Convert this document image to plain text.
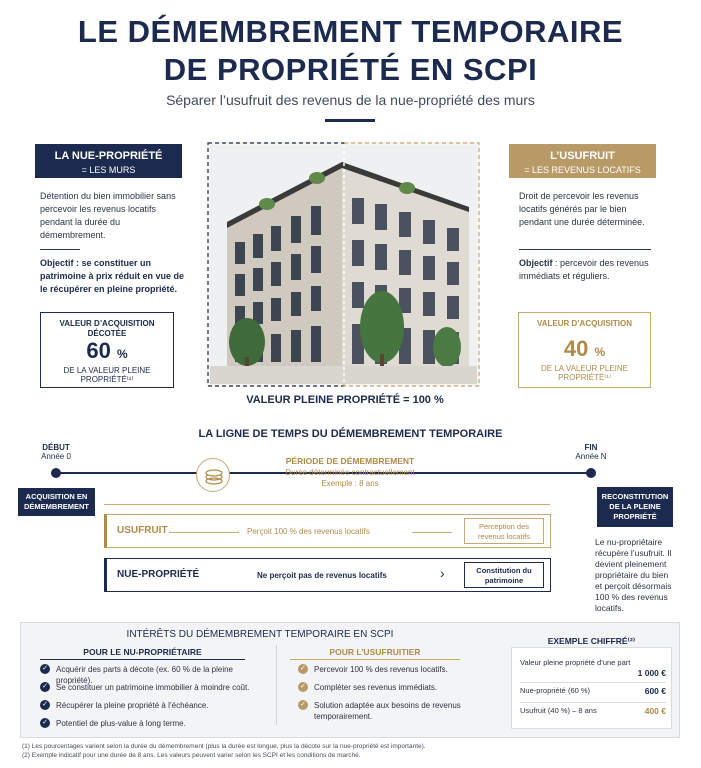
LE DÉMEMBREMENT TEMPORAIRE
DE PROPRIÉTÉ EN SCPI
Séparer l’usufruit des revenus de la nue-propriété des murs
LA NUE-PROPRIÉTÉ
= LES MURS
Détention du bien immobilier sans percevoir les revenus locatifs pendant la durée du démembrement.
Objectif : se constituer un patrimoine à prix réduit en vue de le récupérer en pleine propriété.
VALEUR D’ACQUISITION DÉCOTÉE
60 %
DE LA VALEUR PLEINE PROPRIÉTÉ⁽¹⁾
L’USUFRUIT
= LES REVENUS LOCATIFS
Droit de percevoir les revenus locatifs générés par le bien pendant une durée déterminée.
Objectif : percevoir des revenus immédiats et réguliers.
VALEUR D’ACQUISITION
40 %
DE LA VALEUR PLEINE PROPRIÉTÉ⁽¹⁾
VALEUR PLEINE PROPRIÉTÉ = 100 %
LA LIGNE DE TEMPS DU DÉMEMBREMENT TEMPORAIRE
DÉBUT
Année 0
FIN
Année N
PÉRIODE DE DÉMEMBREMENT
Durée déterminée contractuellement
Exemple : 8 ans
ACQUISITION EN DÉMEMBREMENT
RECONSTITUTION DE LA PLEINE PROPRIÉTÉ
Le nu-propriétaire récupère l’usufruit. Il devient pleinement propriétaire du bien et perçoit désormais 100 % des revenus locatifs.
USUFRUIT	Perçoit 100 % des revenus locatifs
Perception des revenus locatifs
NUE-PROPRIÉTÉ	Ne perçoit pas de revenus locatifs	›	Constitution du patrimoine
INTÉRÊTS DU DÉMEMBREMENT TEMPORAIRE EN SCPI
POUR LE NU-PROPRIÉTAIRE	POUR L’USUFRUITIER
✓ Acquérir des parts à décote (ex. 60 % de la pleine propriété).
✓ Se constituer un patrimoine immobilier à moindre coût.
✓ Récupérer la pleine propriété à l’échéance.
✓ Potentiel de plus-value à long terme.
✓ Percevoir 100 % des revenus locatifs.
✓ Compléter ses revenus immédiats.
✓ Solution adaptée aux besoins de revenus temporairement.
EXEMPLE CHIFFRÉ⁽²⁾
Valeur pleine propriété d’une part
1 000 €
Nue-propriété (60 %)	600 €
Usufruit (40 %) – 8 ans	400 €
(1) Les pourcentages varient selon la durée du démembrement (plus la durée est longue, plus la décote sur la nue-propriété est importante).
(2) Exemple indicatif pour une durée de 8 ans. Les valeurs peuvent varier selon les SCPI et les conditions de marché.
